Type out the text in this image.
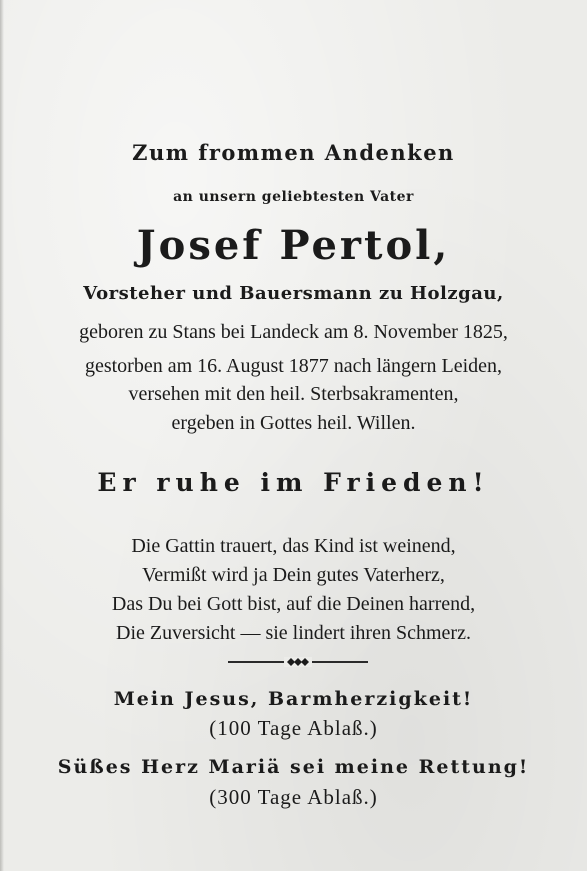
Zum frommen Andenken
an unsern geliebtesten Vater
Josef Pertol,
Vorsteher und Bauersmann zu Holzgau,
geboren zu Stans bei Landeck am 8. November 1825,
gestorben am 16. August 1877 nach längern Leiden,
versehen mit den heil. Sterbsakramenten,
ergeben in Gottes heil. Willen.
Er ruhe im Frieden!
Die Gattin trauert, das Kind ist weinend,
Vermißt wird ja Dein gutes Vaterherz,
Das Du bei Gott bist, auf die Deinen harrend,
Die Zuversicht — sie lindert ihren Schmerz.
Mein Jesus, Barmherzigkeit!
(100 Tage Ablaß.)
Süßes Herz Mariä sei meine Rettung!
(300 Tage Ablaß.)
